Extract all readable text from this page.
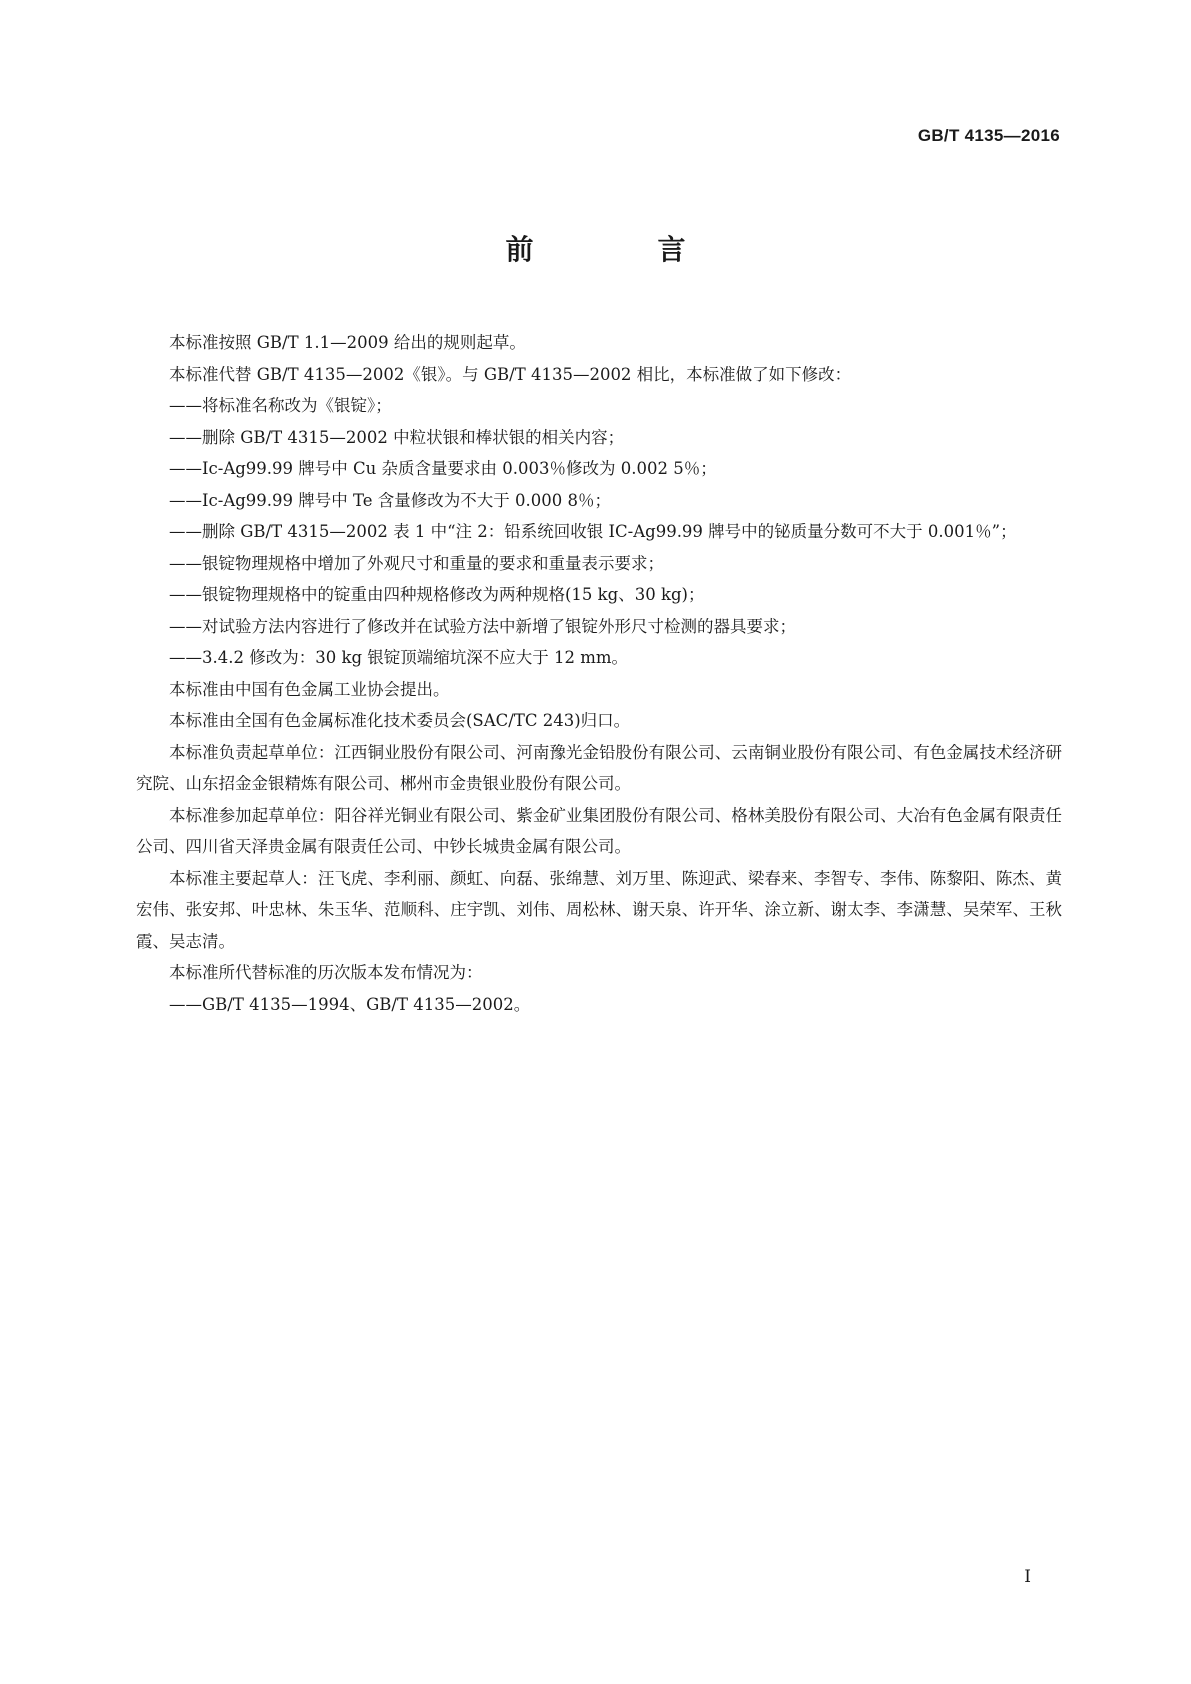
GB/T 4135—2016
前　言

本标准按照 GB/T 1.1—2009 给出的规则起草。

本标准代替 GB/T 4135—2002《银》。与 GB/T 4135—2002 相比，本标准做了如下修改：

——将标准名称改为《银锭》；

——删除 GB/T 4315—2002 中粒状银和棒状银的相关内容；

——Ic-Ag99.99 牌号中 Cu 杂质含量要求由 0.003％修改为 0.002 5％；

——Ic-Ag99.99 牌号中 Te 含量修改为不大于 0.000 8％；

——删除 GB/T 4315—2002 表 1 中“注 2：铅系统回收银 IC-Ag99.99 牌号中的铋质量分数可不大于 0.001％”；

——银锭物理规格中增加了外观尺寸和重量的要求和重量表示要求；

——银锭物理规格中的锭重由四种规格修改为两种规格(15 kg、30 kg)；

——对试验方法内容进行了修改并在试验方法中新增了银锭外形尺寸检测的器具要求；

——3.4.2 修改为：30 kg 银锭顶端缩坑深不应大于 12 mm。

本标准由中国有色金属工业协会提出。

本标准由全国有色金属标准化技术委员会(SAC/TC 243)归口。

本标准负责起草单位：江西铜业股份有限公司、河南豫光金铅股份有限公司、云南铜业股份有限公司、有色金属技术经济研究院、山东招金金银精炼有限公司、郴州市金贵银业股份有限公司。

本标准参加起草单位：阳谷祥光铜业有限公司、紫金矿业集团股份有限公司、格林美股份有限公司、大冶有色金属有限责任公司、四川省天泽贵金属有限责任公司、中钞长城贵金属有限公司。

本标准主要起草人：汪飞虎、李利丽、颜虹、向磊、张绵慧、刘万里、陈迎武、梁春来、李智专、李伟、陈黎阳、陈杰、黄宏伟、张安邦、叶忠林、朱玉华、范顺科、庄宇凯、刘伟、周松林、谢天泉、许开华、涂立新、谢太李、李潇慧、吴荣军、王秋霞、吴志清。

本标准所代替标准的历次版本发布情况为：

——GB/T 4135—1994、GB/T 4135—2002。

I
